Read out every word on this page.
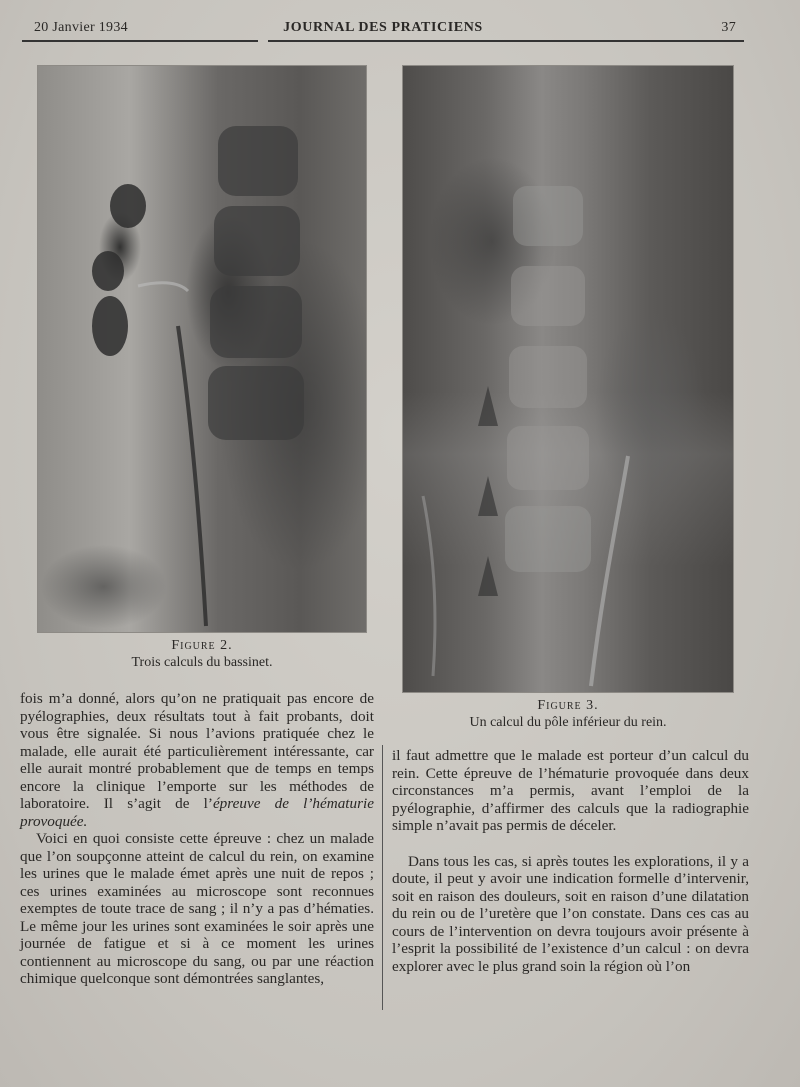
20 Janvier 1934	JOURNAL DES PRATICIENS	37
Figure 2.
Trois calculs du bassinet.
Figure 3.
Un calcul du pôle inférieur du rein.

fois m’a donné, alors qu’on ne pratiquait pas encore de pyélographies, deux résultats tout à fait probants, doit vous être signalée. Si nous l’avions pratiquée chez le malade, elle aurait été particulièrement intéressante, car elle aurait montré probablement que de temps en temps encore la clinique l’emporte sur les méthodes de laboratoire. Il s’agit de l’épreuve de l’hématurie provoquée.

Voici en quoi consiste cette épreuve : chez un malade que l’on soupçonne atteint de calcul du rein, on examine les urines que le malade émet après une nuit de repos ; ces urines examinées au microscope sont reconnues exemptes de toute trace de sang ; il n’y a pas d’hématies. Le même jour les urines sont examinées le soir après une journée de fatigue et si à ce moment les urines contiennent au microscope du sang, ou par une réaction chimique quelconque sont démontrées sanglantes,

il faut admettre que le malade est porteur d’un calcul du rein. Cette épreuve de l’hématurie provoquée dans deux circonstances m’a permis, avant l’emploi de la pyélographie, d’affirmer des calculs que la radiographie simple n’avait pas permis de déceler.

Dans tous les cas, si après toutes les explorations, il y a doute, il peut y avoir une indication formelle d’intervenir, soit en raison des douleurs, soit en raison d’une dilatation du rein ou de l’uretère que l’on constate. Dans ces cas au cours de l’intervention on devra toujours avoir présente à l’esprit la possibilité de l’existence d’un calcul : on devra explorer avec le plus grand soin la région où l’on
